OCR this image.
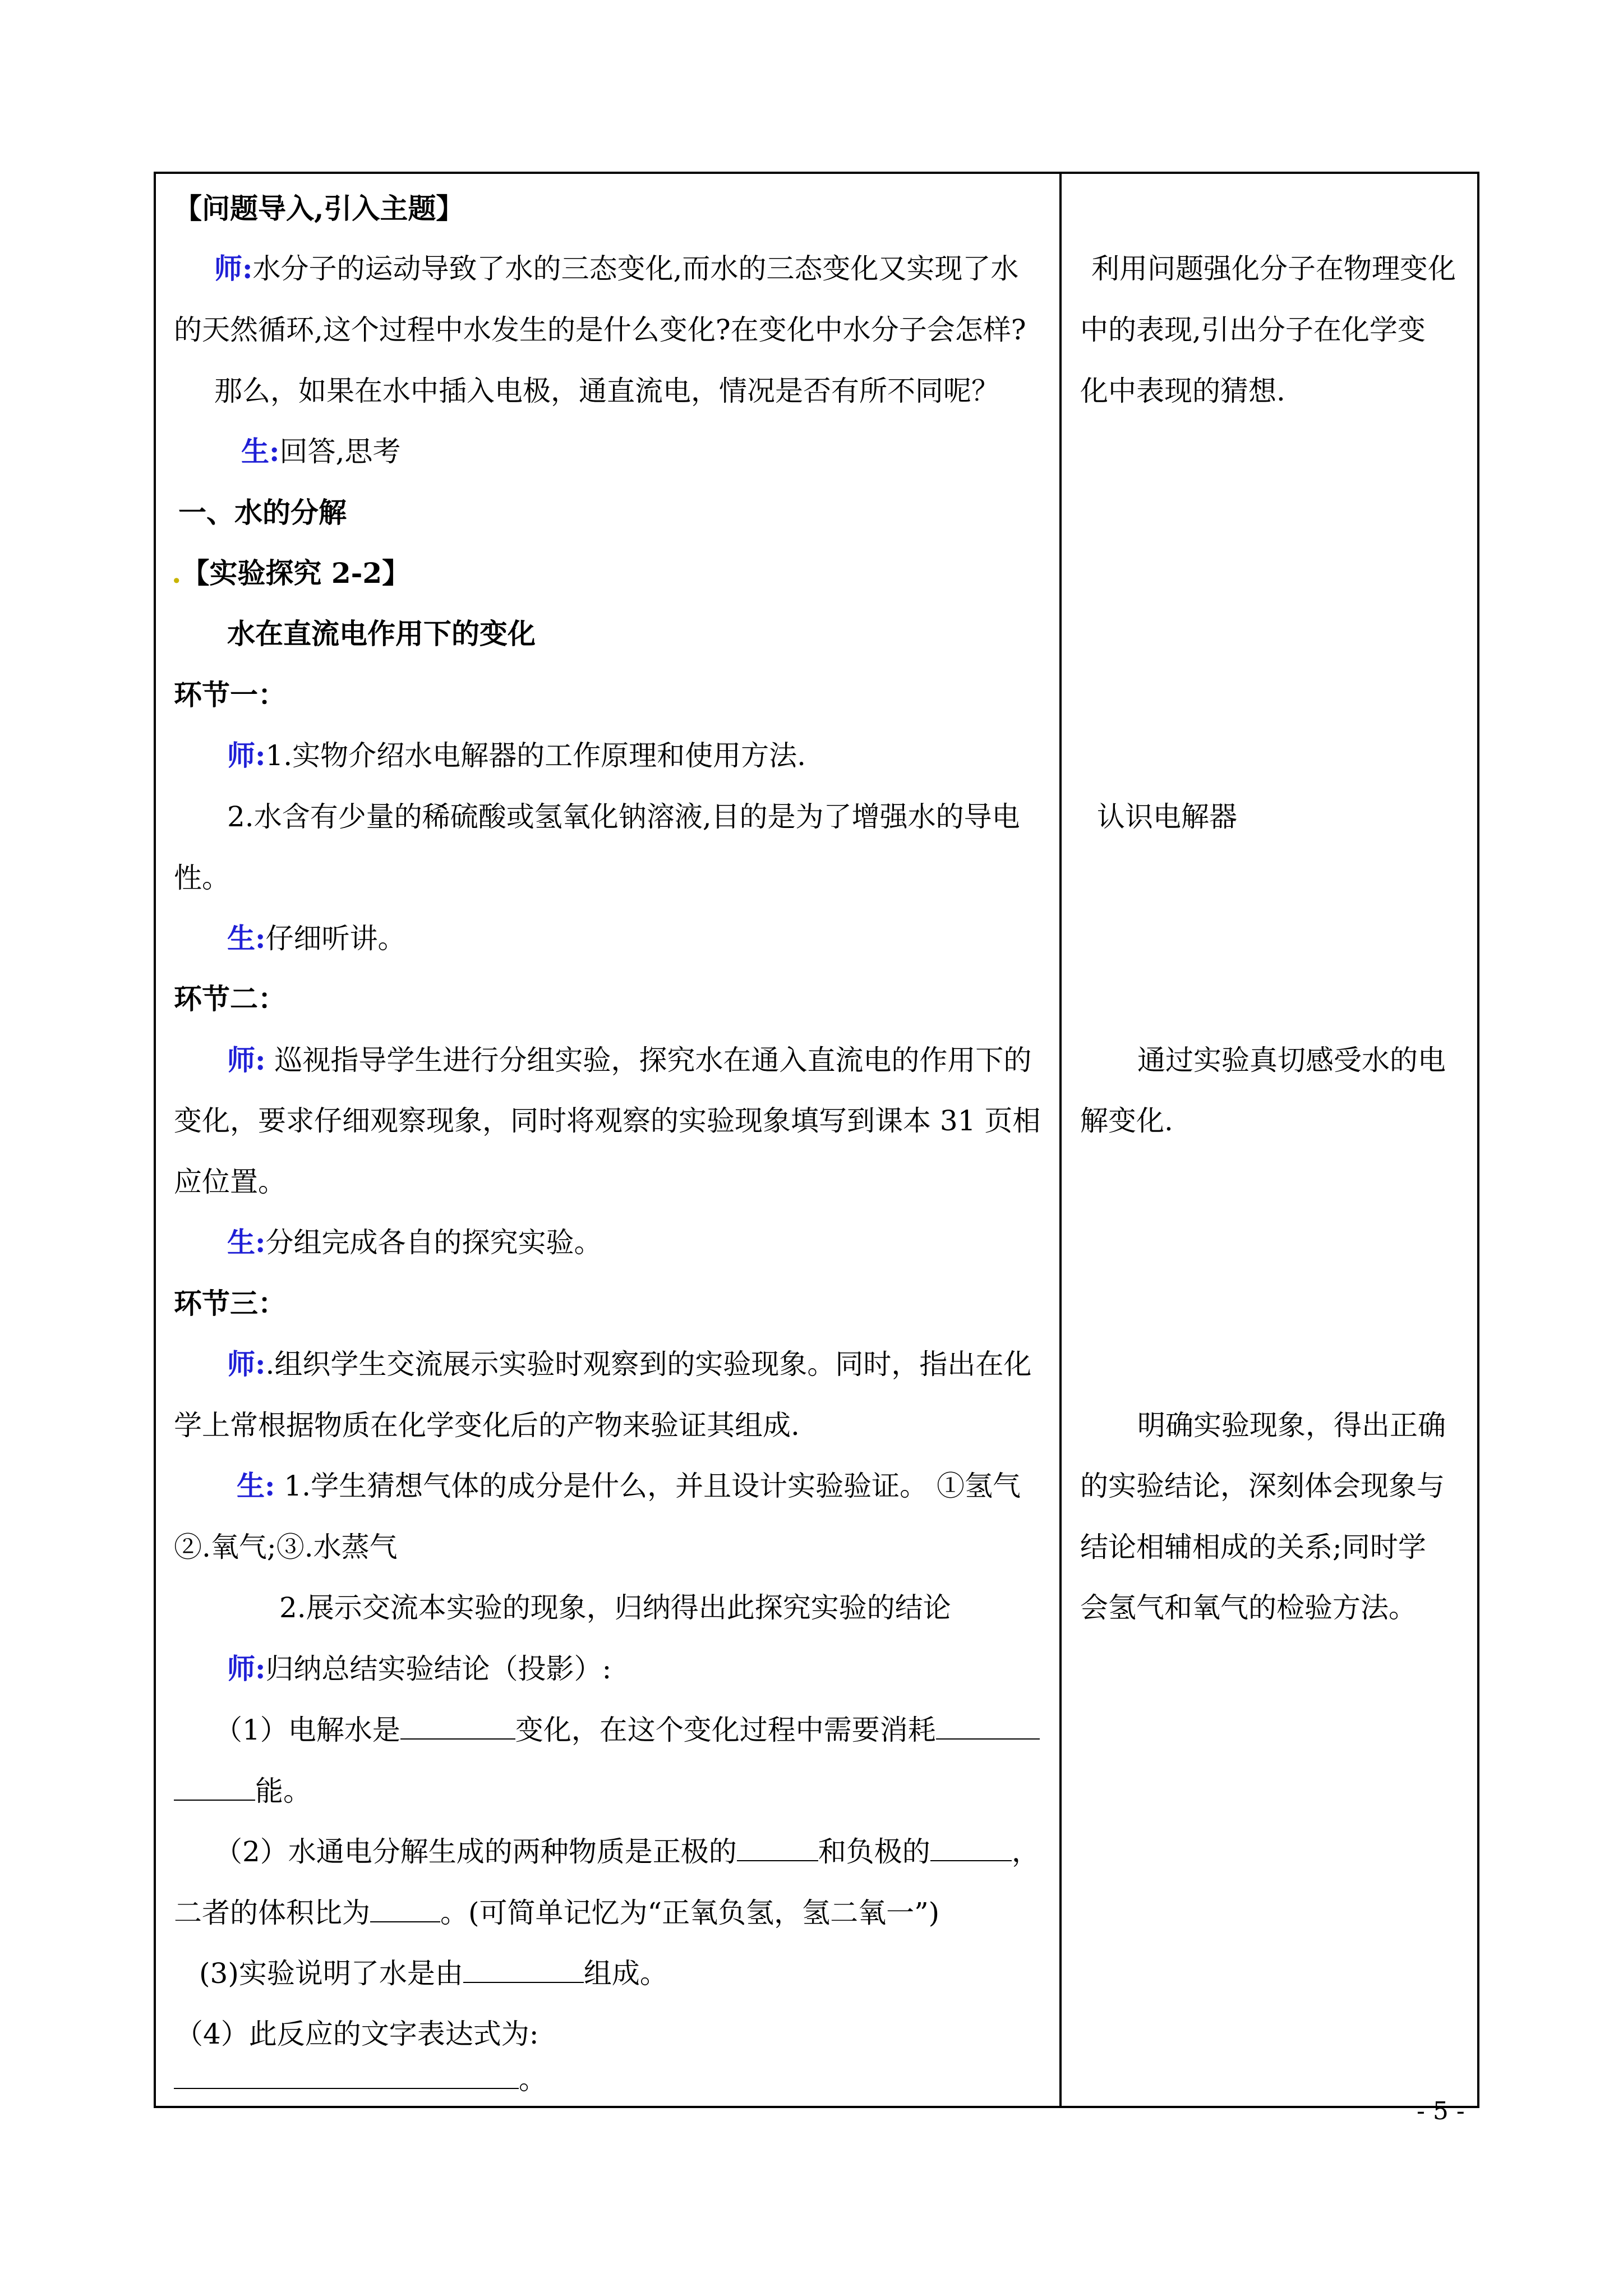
【问题导入,引入主题】
师:水分子的运动导致了水的三态变化,而水的三态变化又实现了水
的天然循环,这个过程中水发生的是什么变化?在变化中水分子会怎样?
那么，如果在水中插入电极，通直流电，情况是否有所不同呢？
生:回答,思考
一、水的分解
.【实验探究 2-2】
水在直流电作用下的变化
环节一：
师:1.实物介绍水电解器的工作原理和使用方法.
2.水含有少量的稀硫酸或氢氧化钠溶液,目的是为了增强水的导电
性。
生:仔细听讲。
环节二：
师: 巡视指导学生进行分组实验，探究水在通入直流电的作用下的
变化，要求仔细观察现象，同时将观察的实验现象填写到课本 31 页相
应位置。
生:分组完成各自的探究实验。
环节三：
师:.组织学生交流展示实验时观察到的实验现象。同时，指出在化
学上常根据物质在化学变化后的产物来验证其组成.
生: 1.学生猜想气体的成分是什么，并且设计实验验证。 ①氢气
②.氧气;③.水蒸气
2.展示交流本实验的现象，归纳得出此探究实验的结论
师:归纳总结实验结论（投影）:
（1）电解水是	变化，在这个变化过程中需要消耗
能。
（2）水通电分解生成的两种物质是正极的	和负极的	，
二者的体积比为	。(可简单记忆为“正氧负氢，氢二氧一”)
(3)实验说明了水是由	组成。
（4）此反应的文字表达式为:
。
利用问题强化分子在物理变化
中的表现,引出分子在化学变
化中表现的猜想.
认识电解器
通过实验真切感受水的电
解变化.
明确实验现象，得出正确
的实验结论，深刻体会现象与
结论相辅相成的关系;同时学
会氢气和氧气的检验方法。
- 5 -
